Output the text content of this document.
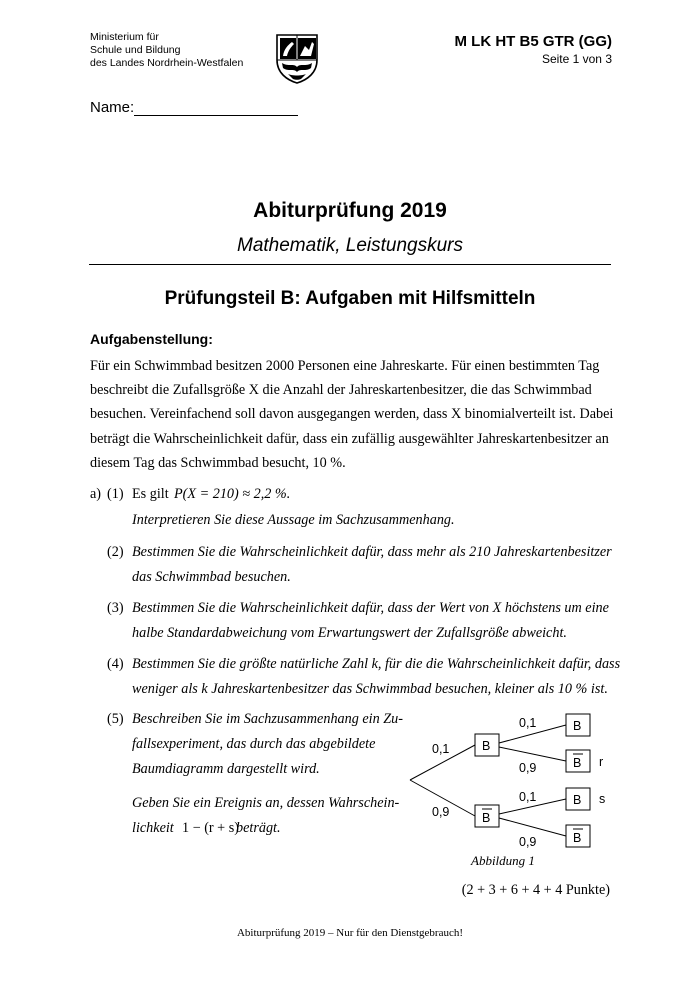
Ministerium für
Schule und Bildung
des Landes Nordrhein-Westfalen
M LK HT B5 GTR (GG)
Seite 1 von 3
Name:
Abiturprüfung 2019
Mathematik, Leistungskurs
Prüfungsteil B: Aufgaben mit Hilfsmitteln
Aufgabenstellung:

Für ein Schwimmbad besitzen 2000 Personen eine Jahreskarte. Für einen bestimmten Tag

beschreibt die Zufallsgröße X die Anzahl der Jahreskartenbesitzer, die das Schwimmbad

besuchen. Vereinfachend soll davon ausgegangen werden, dass X binomialverteilt ist. Dabei

beträgt die Wahrscheinlichkeit dafür, dass ein zufällig ausgewählter Jahreskartenbesitzer an

diesem Tag das Schwimmbad besucht, 10 %.

a) (1) Es gilt P(X = 210) ≈ 2,2 %.
Interpretieren Sie diese Aussage im Sachzusammenhang.
(2) Bestimmen Sie die Wahrscheinlichkeit dafür, dass mehr als 210 Jahreskartenbesitzer
das Schwimmbad besuchen.
(3) Bestimmen Sie die Wahrscheinlichkeit dafür, dass der Wert von X höchstens um eine
halbe Standardabweichung vom Erwartungswert der Zufallsgröße abweicht.
(4) Bestimmen Sie die größte natürliche Zahl k, für die die Wahrscheinlichkeit dafür, dass
weniger als k Jahreskartenbesitzer das Schwimmbad besuchen, kleiner als 10 % ist.
(5) Beschreiben Sie im Sachzusammenhang ein Zu-
fallsexperiment, das durch das abgebildete
Baumdiagramm dargestellt wird.
Geben Sie ein Ereignis an, dessen Wahrschein-
lichkeit 1 − (r + s)
beträgt.
0,1
0,9
0,1
0,9
0,1
0,9
B
B
B
B
B
B
r
s
Abbildung 1
(2 + 3 + 6 + 4 + 4 Punkte)
Abiturprüfung 2019 – Nur für den Dienstgebrauch!
